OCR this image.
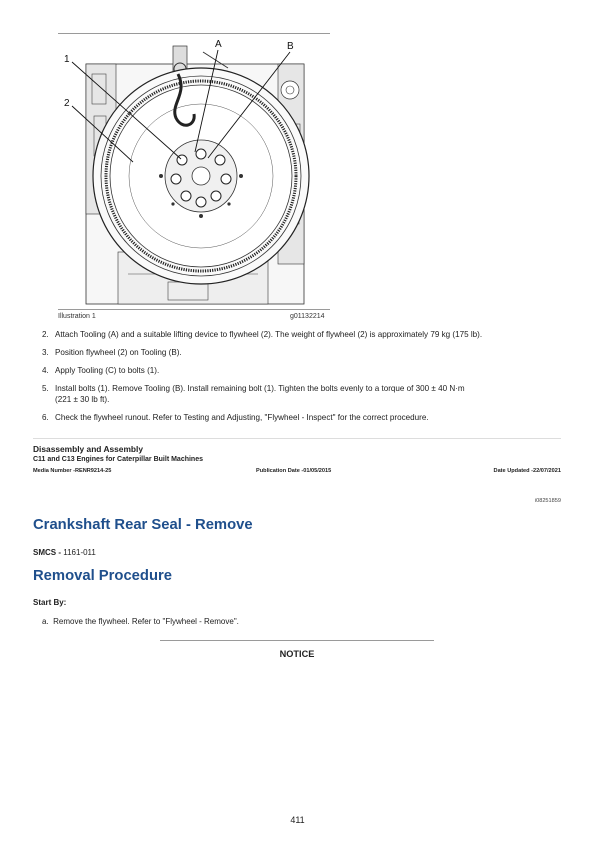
1
2
A	B
Illustration 1	g01132214
2. Attach Tooling (A) and a suitable lifting device to flywheel (2). The weight of flywheel (2) is approximately 79 kg (175 lb).
3. Position flywheel (2) on Tooling (B).
4. Apply Tooling (C) to bolts (1).
5. Install bolts (1). Remove Tooling (B). Install remaining bolt (1). Tighten the bolts evenly to a torque of 300 ± 40 N·m
(221 ± 30 lb ft).
6. Check the flywheel runout. Refer to Testing and Adjusting, "Flywheel - Inspect" for the correct procedure.
Disassembly and Assembly
C11 and C13 Engines for Caterpillar Built Machines
Media Number -RENR9214-25	Publication Date -01/05/2015	Date Updated -22/07/2021
i08251859
Crankshaft Rear Seal - Remove
SMCS - 1161-011
Removal Procedure
Start By:
a. Remove the flywheel. Refer to "Flywheel - Remove".
NOTICE
411
